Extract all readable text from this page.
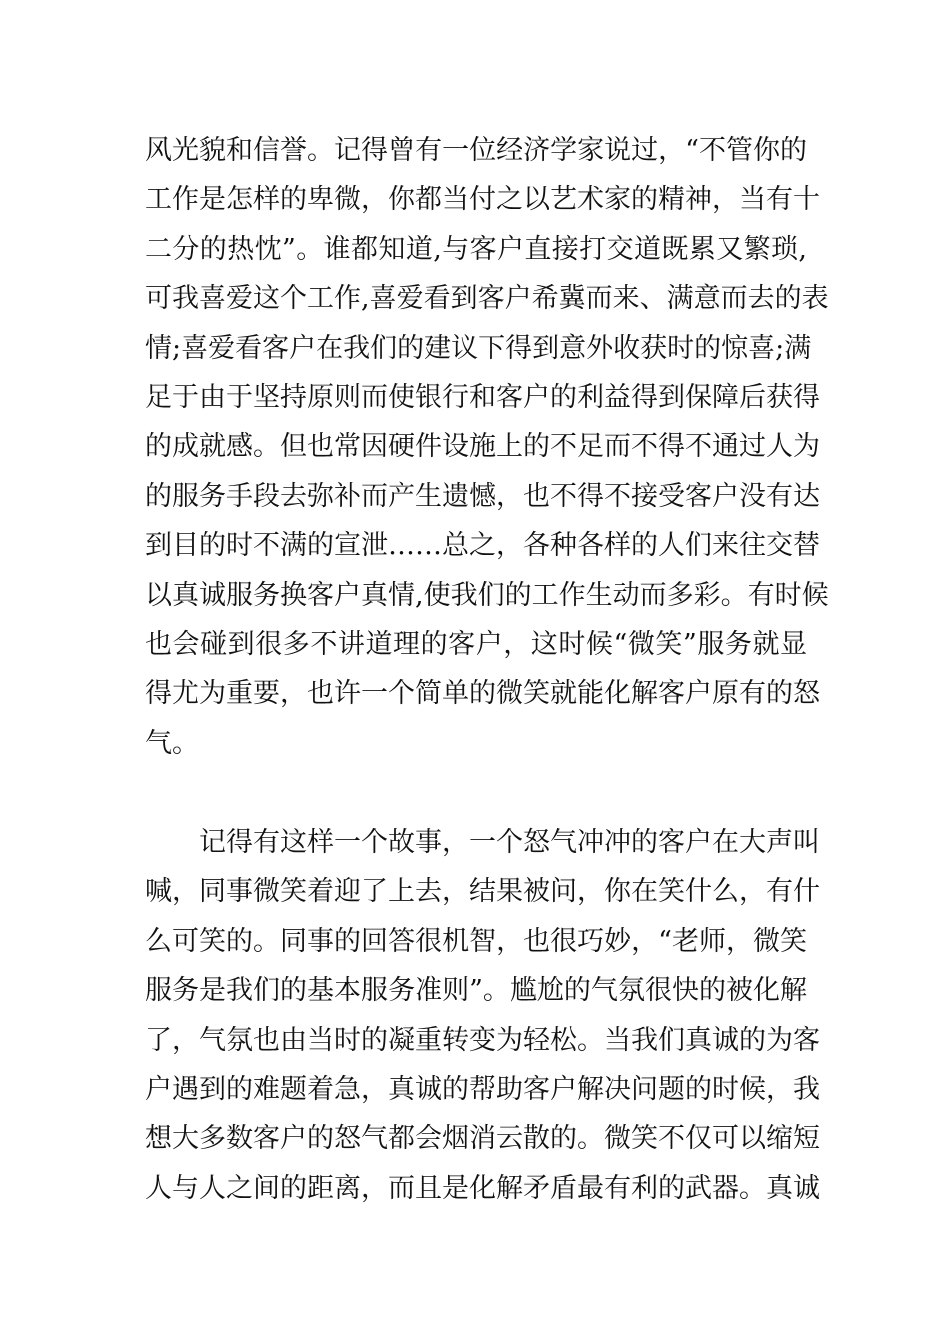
风光貌和信誉。记得曾有一位经济学家说过，“不管你的
工作是怎样的卑微，你都当付之以艺术家的精神，当有十
二分的热忱”。谁都知道,与客户直接打交道既累又繁琐,
可我喜爱这个工作,喜爱看到客户希冀而来、满意而去的表
情;喜爱看客户在我们的建议下得到意外收获时的惊喜;满
足于由于坚持原则而使银行和客户的利益得到保障后获得
的成就感。但也常因硬件设施上的不足而不得不通过人为
的服务手段去弥补而产生遗憾，也不得不接受客户没有达
到目的时不满的宣泄……总之，各种各样的人们来往交替
以真诚服务换客户真情,使我们的工作生动而多彩。有时候
也会碰到很多不讲道理的客户，这时候“微笑”服务就显
得尤为重要，也许一个简单的微笑就能化解客户原有的怒
气。
记得有这样一个故事，一个怒气冲冲的客户在大声叫
喊，同事微笑着迎了上去，结果被问，你在笑什么，有什
么可笑的。同事的回答很机智，也很巧妙，“老师，微笑
服务是我们的基本服务准则”。尴尬的气氛很快的被化解
了，气氛也由当时的凝重转变为轻松。当我们真诚的为客
户遇到的难题着急，真诚的帮助客户解决问题的时候，我
想大多数客户的怒气都会烟消云散的。微笑不仅可以缩短
人与人之间的距离，而且是化解矛盾最有利的武器。真诚
